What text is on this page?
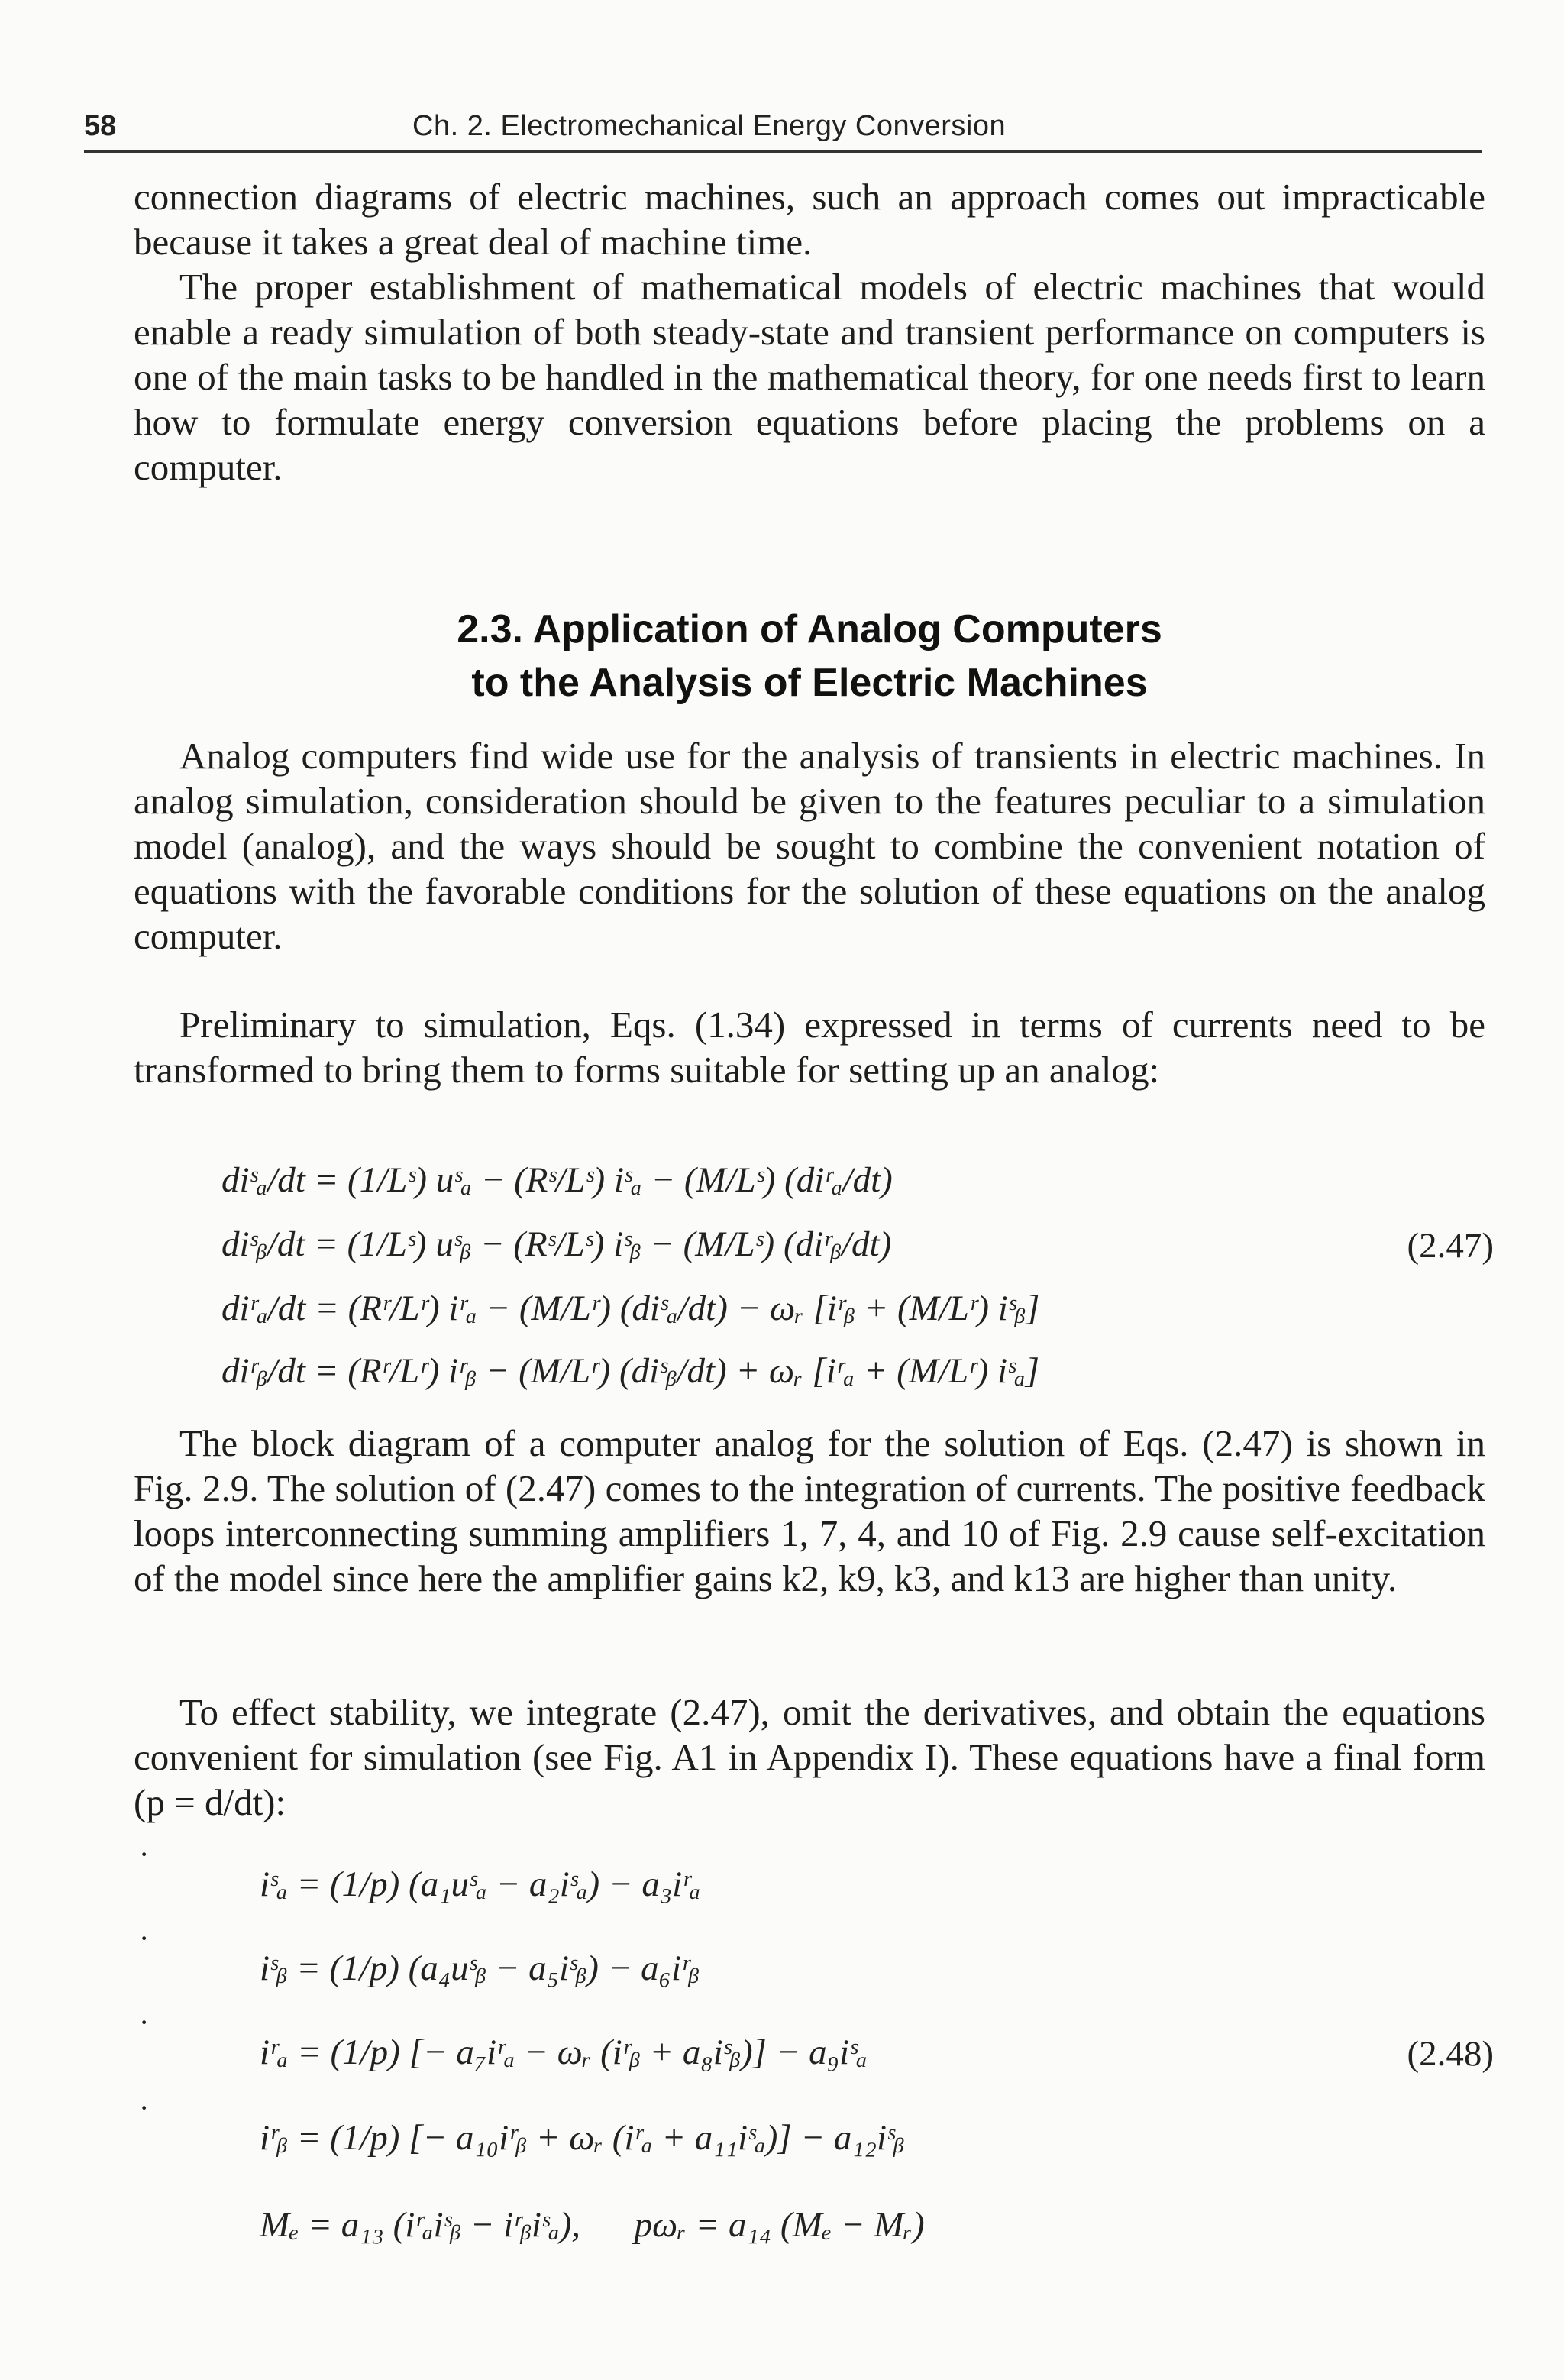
58	Ch. 2. Electromechanical Energy Conversion
connection diagrams of electric machines, such an approach comes out impracticable because it takes a great deal of machine time.
The proper establishment of mathematical models of electric machines that would enable a ready simulation of both steady-state and transient performance on computers is one of the main tasks to be handled in the mathematical theory, for one needs first to learn how to formulate energy conversion equations before placing the problems on a computer.
2.3. Application of Analog Computers
to the Analysis of Electric Machines
Analog computers find wide use for the analysis of transients in electric machines. In analog simulation, consideration should be given to the features peculiar to a simulation model (analog), and the ways should be sought to combine the convenient notation of equations with the favorable conditions for the solution of these equations on the analog computer.
Preliminary to simulation, Eqs. (1.34) expressed in terms of currents need to be transformed to bring them to forms suitable for setting up an analog:

diˢₐ/dt = (1/Lˢ) uˢₐ − (Rˢ/Lˢ) iˢₐ − (M/Lˢ) (diʳₐ/dt)

diˢᵦ/dt = (1/Lˢ) uˢᵦ − (Rˢ/Lˢ) iˢᵦ − (M/Lˢ) (diʳᵦ/dt)

diʳₐ/dt = (Rʳ/Lʳ) iʳₐ − (M/Lʳ) (diˢₐ/dt) − ωᵣ [iʳᵦ + (M/Lʳ) iˢᵦ]

diʳᵦ/dt = (Rʳ/Lʳ) iʳᵦ − (M/Lʳ) (diˢᵦ/dt) + ωᵣ [iʳₐ + (M/Lʳ) iˢₐ]

(2.47)
The block diagram of a computer analog for the solution of Eqs. (2.47) is shown in Fig. 2.9. The solution of (2.47) comes to the integration of currents. The positive feedback loops interconnecting summing amplifiers 1, 7, 4, and 10 of Fig. 2.9 cause self-excitation of the model since here the amplifier gains k2, k9, k3, and k13 are higher than unity.
To effect stability, we integrate (2.47), omit the derivatives, and obtain the equations convenient for simulation (see Fig. A1 in Appendix I). These equations have a final form (p = d/dt):

iˢₐ = (1/p) (a₁uˢₐ − a₂iˢₐ) − a₃iʳₐ

iˢᵦ = (1/p) (a₄uˢᵦ − a₅iˢᵦ) − a₆iʳᵦ

iʳₐ = (1/p) [− a₇iʳₐ − ωᵣ (iʳᵦ + a₈iˢᵦ)] − a₉iˢₐ

iʳᵦ = (1/p) [− a₁₀iʳᵦ + ωᵣ (iʳₐ + a₁₁iˢₐ)] − a₁₂iˢᵦ

Mₑ = a₁₃ (iʳₐiˢᵦ − iʳᵦiˢₐ),      pωᵣ = a₁₄ (Mₑ − Mᵣ)

(2.48)
·
·
·
·
